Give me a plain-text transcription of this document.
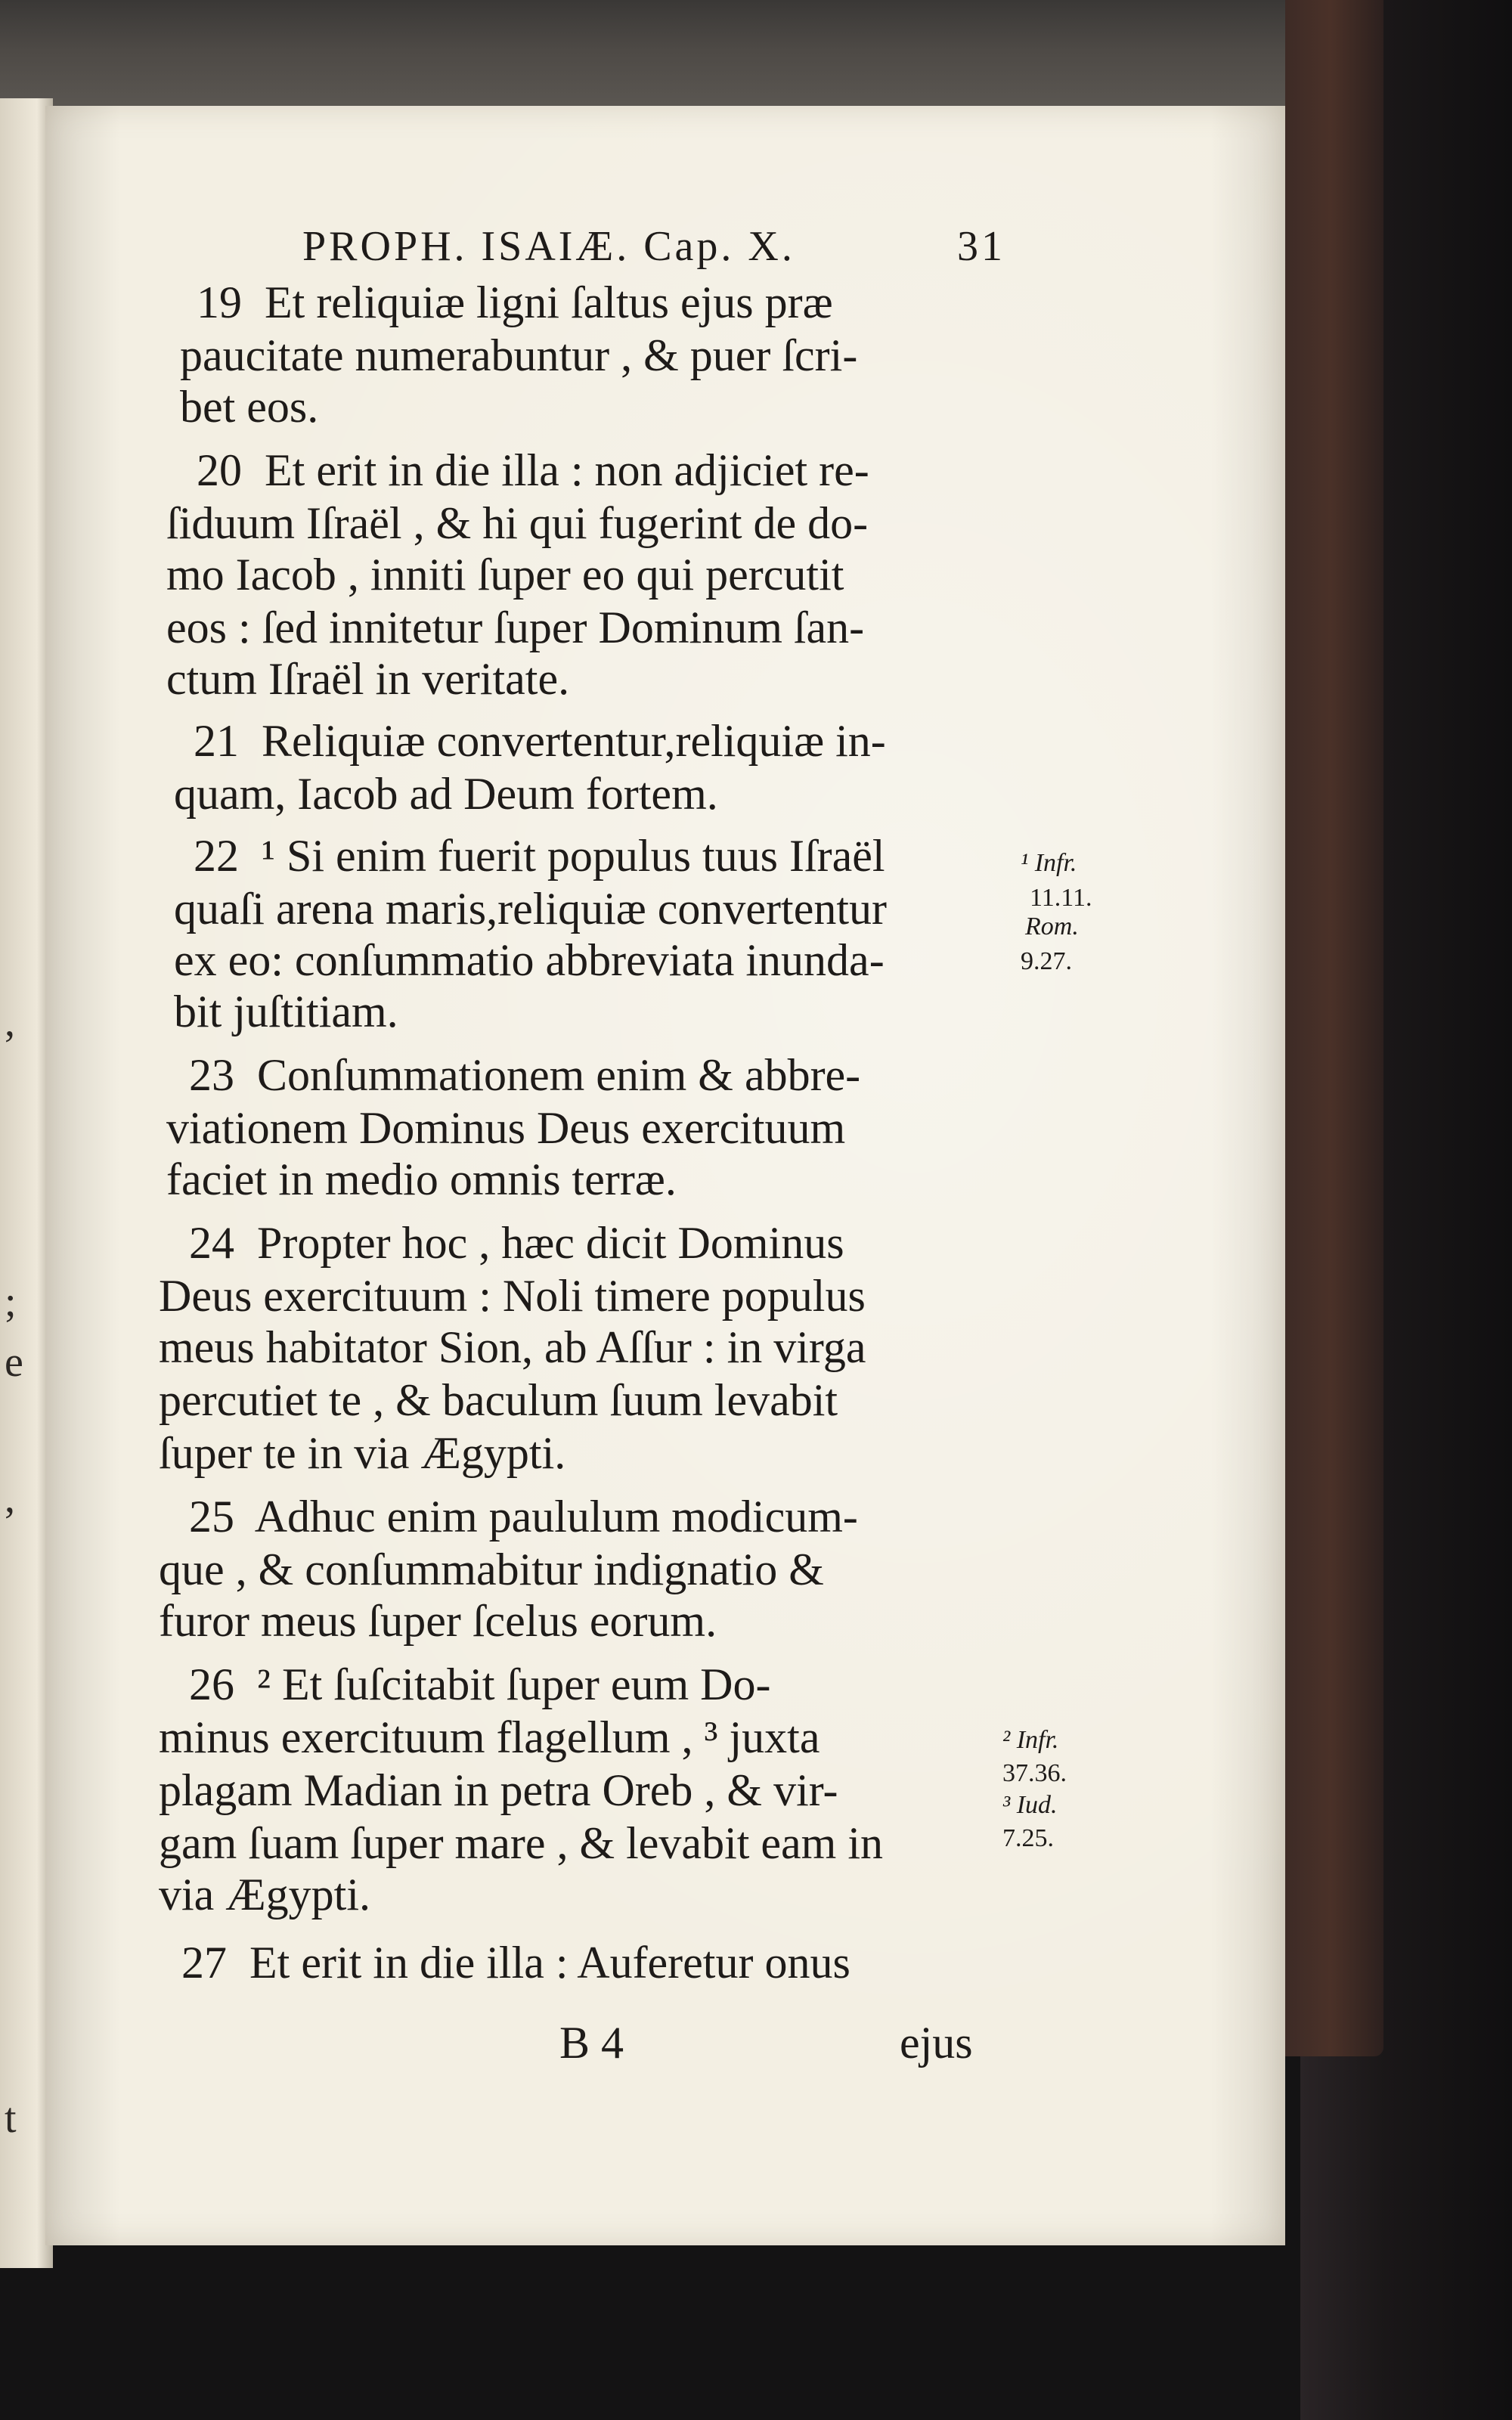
,
;
e
,
t
PROPH. ISAIÆ. Cap. X.	31
19  Et reliquiæ ligni ſaltus ejus præ
paucitate numerabuntur , & puer ſcri-
bet eos.
20  Et erit in die illa : non adjiciet re-
ſiduum Iſraël , & hi qui fugerint de do-
mo Iacob , inniti ſuper eo qui percutit
eos : ſed innitetur ſuper Dominum ſan-
ctum Iſraël in veritate.
21  Reliquiæ convertentur,reliquiæ in-
quam, Iacob ad Deum fortem.
22  ¹ Si enim fuerit populus tuus Iſraël
quaſi arena maris,reliquiæ convertentur
ex eo: conſummatio abbreviata inunda-
bit juſtitiam.
23  Conſummationem enim & abbre-
viationem Dominus Deus exercituum
faciet in medio omnis terræ.
24  Propter hoc , hæc dicit Dominus
Deus exercituum : Noli timere populus
meus habitator Sion, ab Aſſur : in virga
percutiet te , & baculum ſuum levabit
ſuper te in via Ægypti.
25  Adhuc enim paululum modicum-
que , & conſummabitur indignatio &
furor meus ſuper ſcelus eorum.
26  ² Et ſuſcitabit ſuper eum Do-
minus exercituum flagellum , ³ juxta
plagam Madian in petra Oreb , & vir-
gam ſuam ſuper mare , & levabit eam in
via Ægypti.
27  Et erit in die illa : Auferetur onus
B 4	ejus
¹ Infr.
11.11.
Rom.
9.27.
² Infr.
37.36.
³ Iud.
7.25.
